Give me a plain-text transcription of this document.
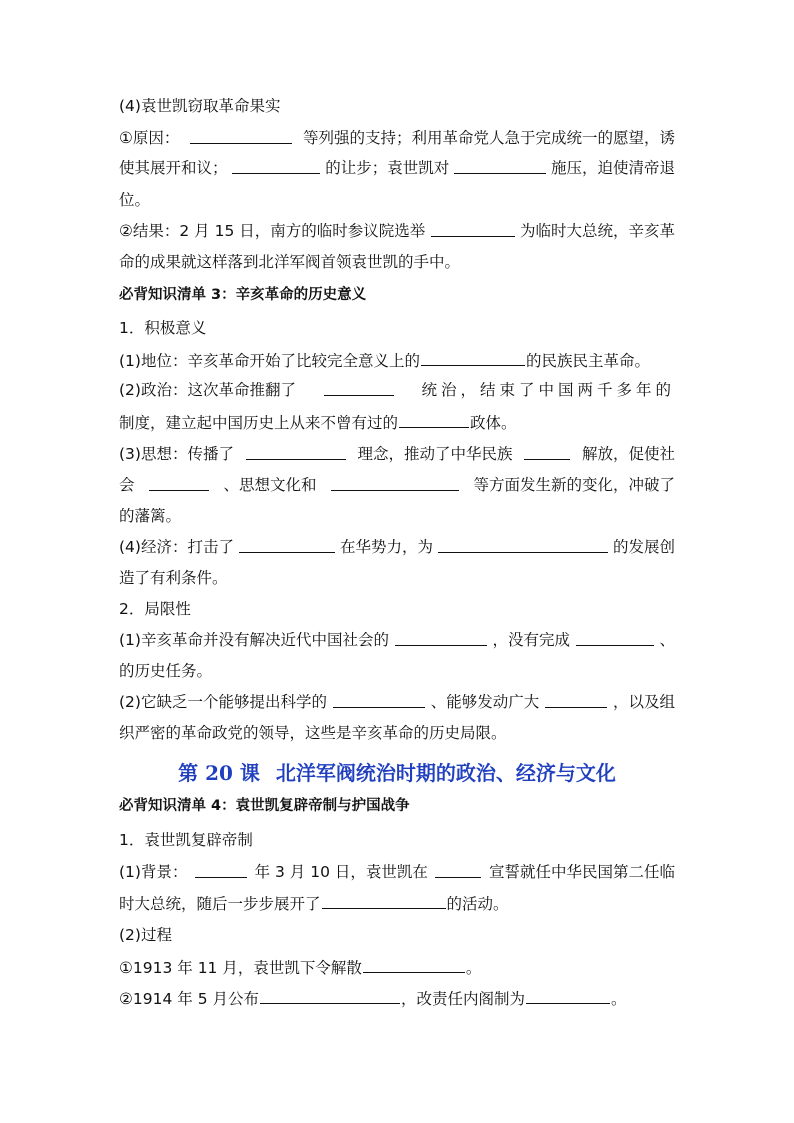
(4)袁世凯窃取革命果实
①原因：	等列强的支持；利用革命党人急于完成统一的愿望，诱
使其展开和议；	的让步；袁世凯对	施压，迫使清帝退
位。
②结果：2 月 15 日，南方的临时参议院选举	为临时大总统，辛亥革
命的成果就这样落到北洋军阀首领袁世凯的手中。
必背知识清单 3：辛亥革命的历史意义
1．积极意义
(1)地位：辛亥革命开始了比较完全意义上的	的民族民主革命。
(2)政治：这次革命推翻了	统治，结束了中国两千多年的
制度，建立起中国历史上从来不曾有过的	政体。
(3)思想：传播了	理念，推动了中华民族	解放，促使社
会	、思想文化和	等方面发生新的变化，冲破了
的藩篱。
(4)经济：打击了	在华势力，为	的发展创
造了有利条件。
2．局限性
(1)辛亥革命并没有解决近代中国社会的	，没有完成	、
的历史任务。
(2)它缺乏一个能够提出科学的	、能够发动广大	，以及组
织严密的革命政党的领导，这些是辛亥革命的历史局限。
第 20 课 北洋军阀统治时期的政治、经济与文化
必背知识清单 4：袁世凯复辟帝制与护国战争
1．袁世凯复辟帝制
(1)背景：	年 3 月 10 日，袁世凯在	宣誓就任中华民国第二任临
时大总统，随后一步步展开了	的活动。
(2)过程
①1913 年 11 月，袁世凯下令解散	。
②1914 年 5 月公布	，改责任内阁制为	。
